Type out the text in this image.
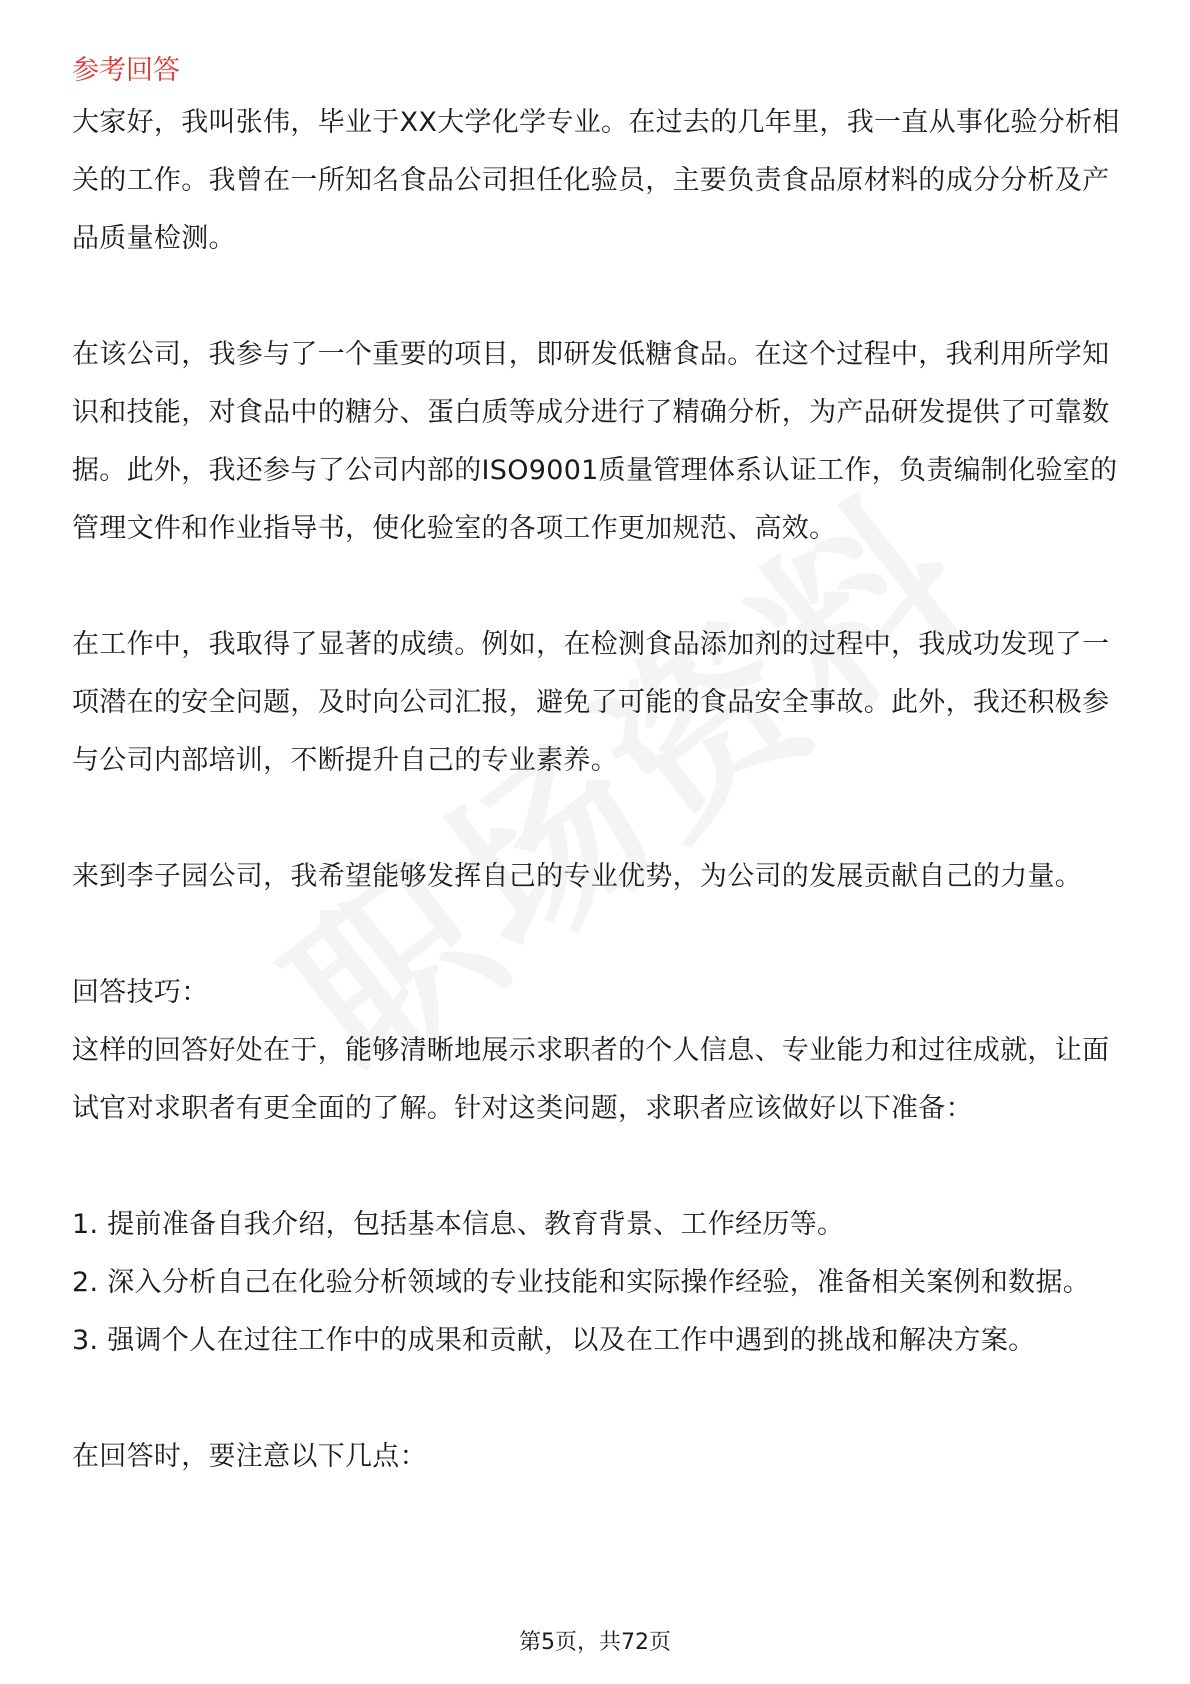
参考回答

大家好，我叫张伟，毕业于XX大学化学专业。在过去的几年里，我一直从事化验分析相关的工作。我曾在一所知名食品公司担任化验员，主要负责食品原材料的成分分析及产品质量检测。

在该公司，我参与了一个重要的项目，即研发低糖食品。在这个过程中，我利用所学知识和技能，对食品中的糖分、蛋白质等成分进行了精确分析，为产品研发提供了可靠数据。此外，我还参与了公司内部的ISO9001质量管理体系认证工作，负责编制化验室的管理文件和作业指导书，使化验室的各项工作更加规范、高效。

在工作中，我取得了显著的成绩。例如，在检测食品添加剂的过程中，我成功发现了一项潜在的安全问题，及时向公司汇报，避免了可能的食品安全事故。此外，我还积极参与公司内部培训，不断提升自己的专业素养。

来到李子园公司，我希望能够发挥自己的专业优势，为公司的发展贡献自己的力量。

回答技巧：

这样的回答好处在于，能够清晰地展示求职者的个人信息、专业能力和过往成就，让面试官对求职者有更全面的了解。针对这类问题，求职者应该做好以下准备：

1. 提前准备自我介绍，包括基本信息、教育背景、工作经历等。

2. 深入分析自己在化验分析领域的专业技能和实际操作经验，准备相关案例和数据。

3. 强调个人在过往工作中的成果和贡献，以及在工作中遇到的挑战和解决方案。

在回答时，要注意以下几点：

第5页，共72页
